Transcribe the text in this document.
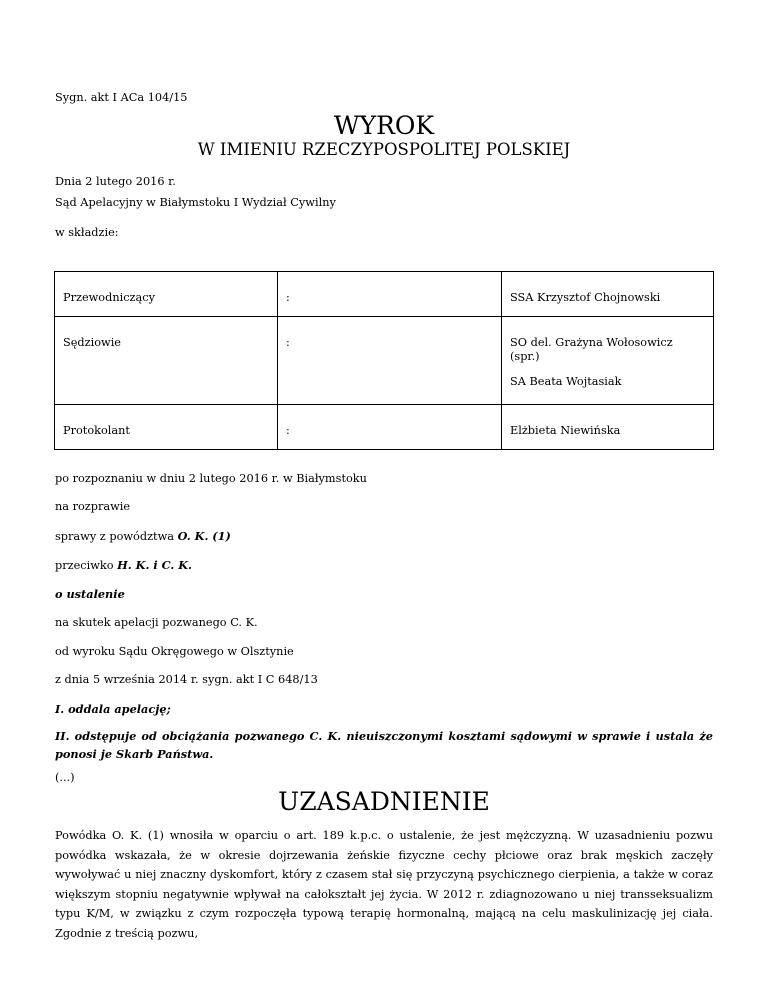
Sygn. akt I ACa 104/15
WYROK
W IMIENIU RZECZYPOSPOLITEJ POLSKIEJ
Dnia 2 lutego 2016 r.
Sąd Apelacyjny w Białymstoku I Wydział Cywilny
w składzie:
Przewodniczący	:	SSA Krzysztof Chojnowski

Sędziowie	:	SO del. Grażyna Wołosowicz (spr.)
SA Beata Wojtasiak

Protokolant	:	Elżbieta Niewińska
po rozpoznaniu w dniu 2 lutego 2016 r. w Białymstoku
na rozprawie
sprawy z powództwa O. K. (1)
przeciwko H. K. i C. K.
o ustalenie
na skutek apelacji pozwanego C. K.
od wyroku Sądu Okręgowego w Olsztynie
z dnia 5 września 2014 r. sygn. akt I C 648/13
I. oddala apelację;
II. odstępuje od obciążania pozwanego C. K. nieuiszczonymi kosztami sądowymi w sprawie i ustala że ponosi je Skarb Państwa.
(...)
UZASADNIENIE
Powódka O. K. (1) wnosiła w oparciu o art. 189 k.p.c. o ustalenie, że jest mężczyzną. W uzasadnieniu pozwu powódka wskazała, że w okresie dojrzewania żeńskie fizyczne cechy płciowe oraz brak męskich zaczęły wywoływać u niej znaczny dyskomfort, który z czasem stał się przyczyną psychicznego cierpienia, a także w coraz większym stopniu negatywnie wpływał na całokształt jej życia. W 2012 r. zdiagnozowano u niej transseksualizm typu K/M, w związku z czym rozpoczęła typową terapię hormonalną, mającą na celu maskulinizację jej ciała. Zgodnie z treścią pozwu,
